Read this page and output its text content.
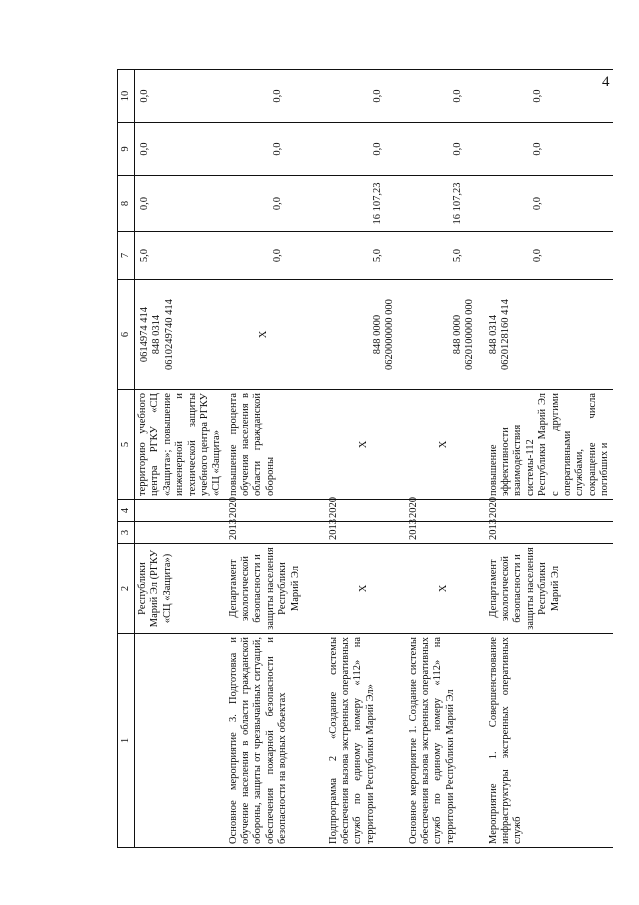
4
1	2	3	4	5	6	7	8	9	10
	Республики Марий Эл (РГКУ «СЦ «Защита»)			территорию учебного центра РГКУ «СЦ «Защита»; повышение инженерной и технической защиты учебного центра РГКУ «СЦ «Защита»	0614974 414
848 0314
0610249740 414	5,0	0,0	0,0	0,0
Основное мероприятие 3. Подготовка и обучение населения в области гражданской обороны, защиты от чрезвычайных ситуаций, обеспечения пожарной безопасности и безопасности на водных объектах	Департамент экологической безопасности и защиты населения Республики Марий Эл	2013	2020	повышение процента обучения населения в области гражданской обороны	X	0,0	0,0	0,0	0,0
Подпрограмма 2 «Создание системы обеспечения вызова экстренных оперативных служб по единому номеру «112» на территории Республики Марий Эл»	X	2013	2020	X	848 0000
0620000000 000	5,0	16 107,23	0,0	0,0
Основное мероприятие 1. Создание системы обеспечения вызова экстренных оперативных служб по единому номеру «112» на территории Республики Марий Эл	X	2013	2020	X	848 0000
0620100000 000	5,0	16 107,23	0,0	0,0
Мероприятие 1. Совершенствование инфраструктуры экстренных оперативных служб	Департамент экологической безопасности и защиты населения Республики Марий Эл	2013	2020	повышение эффективности взаимодействия системы-112 Республики Марий Эл с другими оперативными службами, сокращение числа погибших и	848 0314
0620128160 414	0,0	0,0	0,0	0,0
